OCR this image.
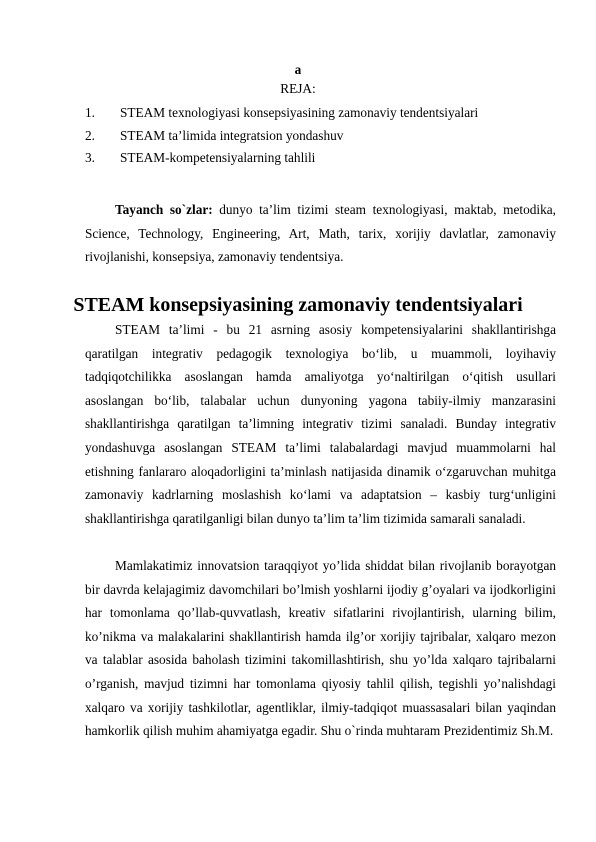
a
REJA:
1. STEAM texnologiyasi konsepsiyasining zamonaviy tendentsiyalari
2. STEAM ta’limida integratsion yondashuv
3. STEAM-kompetensiyalarning tahlili

Tayanch so`zlar: dunyo ta’lim tizimi steam texnologiyasi, maktab, metodika, Science, Technology, Engineering, Art, Math, tarix, xorijiy davlatlar, zamonaviy rivojlanishi, konsepsiya, zamonaviy tendentsiya.

STEAM konsepsiyasining zamonaviy tendentsiyalari

STEAM ta’limi - bu 21 asrning asosiy kompetensiyalarini shakllantirishga qaratilgan integrativ pedagogik texnologiya bo‘lib, u muammoli, loyihaviy tadqiqotchilikka asoslangan hamda amaliyotga yo‘naltirilgan o‘qitish usullari asoslangan bo‘lib, talabalar uchun dunyoning yagona tabiiy-ilmiy manzarasini shakllantirishga qaratilgan ta’limning integrativ tizimi sanaladi. Bunday integrativ yondashuvga asoslangan STEAM ta’limi talabalardagi mavjud muammolarni hal etishning fanlararo aloqadorligini ta’minlash natijasida dinamik o‘zgaruvchan muhitga zamonaviy kadrlarning moslashish ko‘lami va adaptatsion – kasbiy turg‘unligini shakllantirishga qaratilganligi bilan dunyo ta’lim ta’lim tizimida samarali sanaladi.

Mamlakatimiz innovatsion taraqqiyot yo’lida shiddat bilan rivojlanib borayotgan bir davrda kelajagimiz davomchilari bo’lmish yoshlarni ijodiy g’oyalari va ijodkorligini har tomonlama qo’llab-quvvatlash, kreativ sifatlarini rivojlantirish, ularning bilim, ko’nikma va malakalarini shakllantirish hamda ilg’or xorijiy tajribalar, xalqaro mezon va talablar asosida baholash tizimini takomillashtirish, shu yo’lda xalqaro tajribalarni o’rganish, mavjud tizimni har tomonlama qiyosiy tahlil qilish, tegishli yo’nalishdagi xalqaro va xorijiy tashkilotlar, agentliklar, ilmiy-tadqiqot muassasalari bilan yaqindan hamkorlik qilish muhim ahamiyatga egadir. Shu o`rinda muhtaram Prezidentimiz Sh.M.
